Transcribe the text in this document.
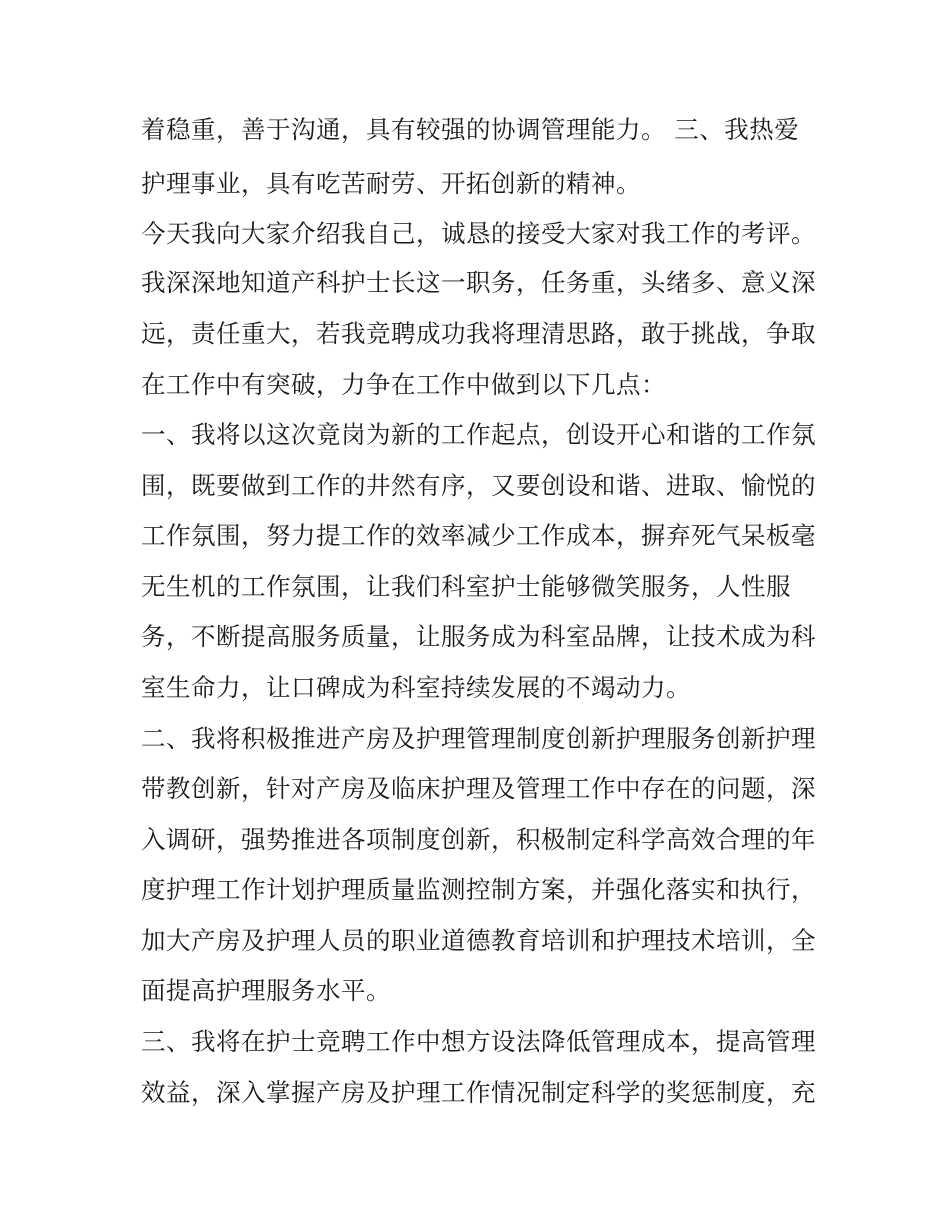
着稳重，善于沟通，具有较强的协调管理能力。 三、我热爱
护理事业，具有吃苦耐劳、开拓创新的精神。
今天我向大家介绍我自己，诚恳的接受大家对我工作的考评。
我深深地知道产科护士长这一职务，任务重，头绪多、意义深
远，责任重大，若我竞聘成功我将理清思路，敢于挑战，争取
在工作中有突破，力争在工作中做到以下几点：
一、我将以这次竟岗为新的工作起点，创设开心和谐的工作氛
围，既要做到工作的井然有序，又要创设和谐、进取、愉悦的
工作氛围，努力提工作的效率减少工作成本，摒弃死气呆板毫
无生机的工作氛围，让我们科室护士能够微笑服务，人性服
务，不断提高服务质量，让服务成为科室品牌，让技术成为科
室生命力，让口碑成为科室持续发展的不竭动力。
二、我将积极推进产房及护理管理制度创新护理服务创新护理
带教创新，针对产房及临床护理及管理工作中存在的问题，深
入调研，强势推进各项制度创新，积极制定科学高效合理的年
度护理工作计划护理质量监测控制方案，并强化落实和执行，
加大产房及护理人员的职业道德教育培训和护理技术培训，全
面提高护理服务水平。
三、我将在护士竞聘工作中想方设法降低管理成本，提高管理
效益，深入掌握产房及护理工作情况制定科学的奖惩制度，充
